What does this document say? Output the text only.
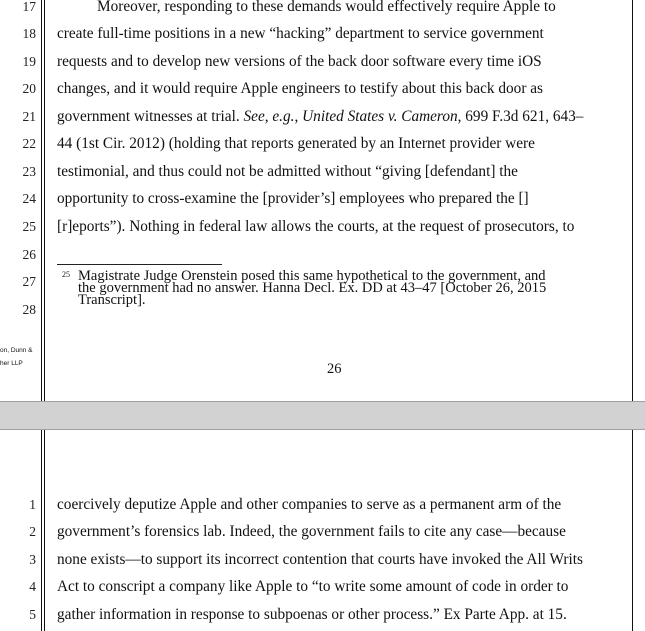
17
18
19
20
21
22
23
24
25
26
27
28
Moreover, responding to these demands would effectively require Apple to
create full-time positions in a new “hacking” department to service government
requests and to develop new versions of the back door software every time iOS
changes, and it would require Apple engineers to testify about this back door as
government witnesses at trial. See, e.g., United States v. Cameron, 699 F.3d 621, 643–
44 (1st Cir. 2012) (holding that reports generated by an Internet provider were
testimonial, and thus could not be admitted without “giving [defendant] the
opportunity to cross-examine the [provider’s] employees who prepared the []
[r]eports”). Nothing in federal law allows the courts, at the request of prosecutors, to
25 Magistrate Judge Orenstein posed this same hypothetical to the government, and
the government had no answer. Hanna Decl. Ex. DD at 43–47 [October 26, 2015
Transcript].
on, Dunn &
her LLP	26
1
2
3
4
5
coercively deputize Apple and other companies to serve as a permanent arm of the
government’s forensics lab. Indeed, the government fails to cite any case—because
none exists—to support its incorrect contention that courts have invoked the All Writs
Act to conscript a company like Apple to “to write some amount of code in order to
gather information in response to subpoenas or other process.” Ex Parte App. at 15.
